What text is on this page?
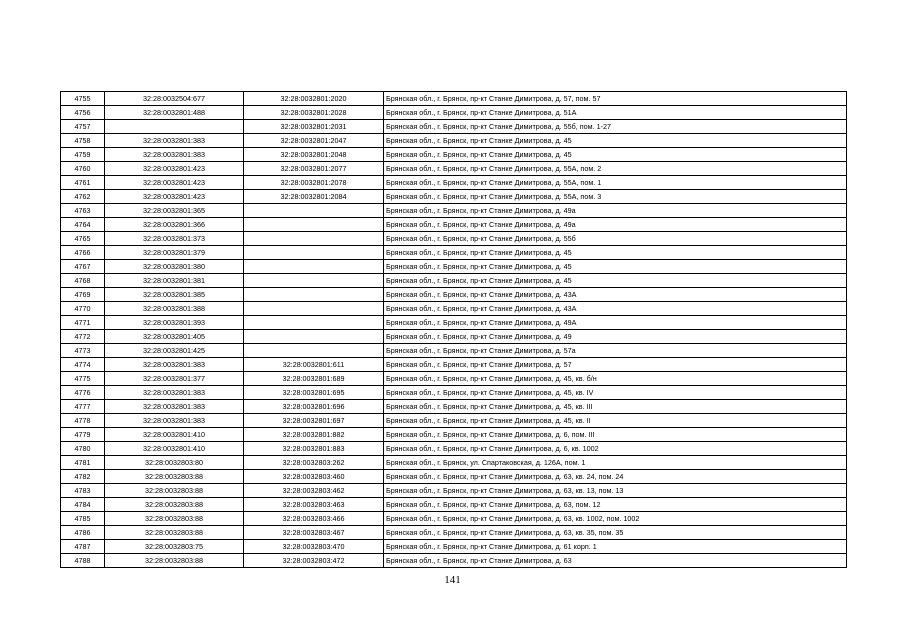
4755	32:28:0032504:677	32:28:0032801:2020	Брянская обл., г. Брянск, пр-кт Станке Димитрова, д. 57, пом. 57
4756	32:28:0032801:488	32:28:0032801:2028	Брянская обл., г. Брянск, пр-кт Станке Димитрова, д. 51А
4757		32:28:0032801:2031	Брянская обл., г. Брянск, пр-кт Станке Димитрова, д. 55б, пом. 1-27
4758	32:28:0032801:383	32:28:0032801:2047	Брянская обл., г. Брянск, пр-кт Станке Димитрова, д. 45
4759	32:28:0032801:383	32:28:0032801:2048	Брянская обл., г. Брянск, пр-кт Станке Димитрова, д. 45
4760	32:28:0032801:423	32:28:0032801:2077	Брянская обл., г. Брянск, пр-кт Станке Димитрова, д. 55А, пом. 2
4761	32:28:0032801:423	32:28:0032801:2078	Брянская обл., г. Брянск, пр-кт Станке Димитрова, д. 55А, пом. 1
4762	32:28:0032801:423	32:28:0032801:2084	Брянская обл., г. Брянск, пр-кт Станке Димитрова, д. 55А, пом. 3
4763	32:28:0032801:365		Брянская обл., г. Брянск, пр-кт Станке Димитрова, д. 49а
4764	32:28:0032801:366		Брянская обл., г. Брянск, пр-кт Станке Димитрова, д. 49а
4765	32:28:0032801:373		Брянская обл., г. Брянск, пр-кт Станке Димитрова, д. 55б
4766	32:28:0032801:379		Брянская обл., г. Брянск, пр-кт Станке Димитрова, д. 45
4767	32:28:0032801:380		Брянская обл., г. Брянск, пр-кт Станке Димитрова, д. 45
4768	32:28:0032801:381		Брянская обл., г. Брянск, пр-кт Станке Димитрова, д. 45
4769	32:28:0032801:385		Брянская обл., г. Брянск, пр-кт Станке Димитрова, д. 43А
4770	32:28:0032801:388		Брянская обл., г. Брянск, пр-кт Станке Димитрова, д. 43А
4771	32:28:0032801:393		Брянская обл., г. Брянск, пр-кт Станке Димитрова, д. 49А
4772	32:28:0032801:405		Брянская обл., г. Брянск, пр-кт Станке Димитрова, д. 49
4773	32:28:0032801:425		Брянская обл., г. Брянск, пр-кт Станке Димитрова, д. 57а
4774	32:28:0032801:383	32:28:0032801:611	Брянская обл., г. Брянск, пр-кт Станке Димитрова, д. 57
4775	32:28:0032801:377	32:28:0032801:689	Брянская обл., г. Брянск, пр-кт Станке Димитрова, д. 45, кв. б/н
4776	32:28:0032801:383	32:28:0032801:695	Брянская обл., г. Брянск, пр-кт Станке Димитрова, д. 45, кв. IV
4777	32:28:0032801:383	32:28:0032801:696	Брянская обл., г. Брянск, пр-кт Станке Димитрова, д. 45, кв. III
4778	32:28:0032801:383	32:28:0032801:697	Брянская обл., г. Брянск, пр-кт Станке Димитрова, д. 45, кв. II
4779	32:28:0032801:410	32:28:0032801:882	Брянская обл., г. Брянск, пр-кт Станке Димитрова, д. 6, пом. III
4780	32:28:0032801:410	32:28:0032801:883	Брянская обл., г. Брянск, пр-кт Станке Димитрова, д. 6, кв. 1002
4781	32:28:0032803:80	32:28:0032803:262	Брянская обл., г. Брянск, ул. Спартаковская, д. 126А, пом. 1
4782	32:28:0032803:88	32:28:0032803:460	Брянская обл., г. Брянск, пр-кт Станке Димитрова, д. 63, кв. 24, пом. 24
4783	32:28:0032803:88	32:28:0032803:462	Брянская обл., г. Брянск, пр-кт Станке Димитрова, д. 63, кв. 13, пом. 13
4784	32:28:0032803:88	32:28:0032803:463	Брянская обл., г. Брянск, пр-кт Станке Димитрова, д. 63, пом. 12
4785	32:28:0032803:88	32:28:0032803:466	Брянская обл., г. Брянск, пр-кт Станке Димитрова, д. 63, кв. 1002, пом. 1002
4786	32:28:0032803:88	32:28:0032803:467	Брянская обл., г. Брянск, пр-кт Станке Димитрова, д. 63, кв. 35, пом. 35
4787	32:28:0032803:75	32:28:0032803:470	Брянская обл., г. Брянск, пр-кт Станке Димитрова, д. 61 корп. 1
4788	32:28:0032803:88	32:28:0032803:472	Брянская обл., г. Брянск, пр-кт Станке Димитрова, д. 63
141
